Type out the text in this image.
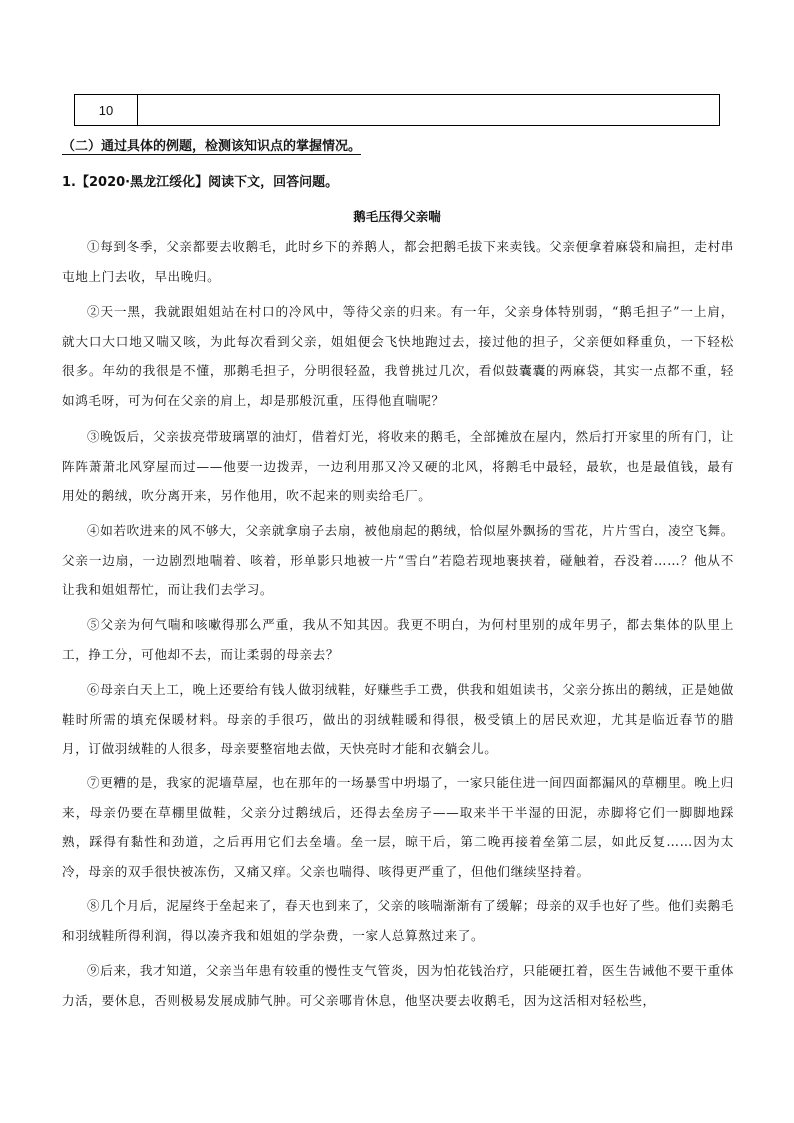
10
（二）通过具体的例题，检测该知识点的掌握情况。
1.【2020·黑龙江绥化】阅读下文，回答问题。
鹅毛压得父亲喘

①每到冬季，父亲都要去收鹅毛，此时乡下的养鹅人，都会把鹅毛拔下来卖钱。父亲便拿着麻袋和扁担，走村串屯地上门去收，早出晚归。

②天一黑，我就跟姐姐站在村口的冷风中，等待父亲的归来。有一年，父亲身体特别弱，“鹅毛担子”一上肩，就大口大口地又喘又咳，为此每次看到父亲，姐姐便会飞快地跑过去，接过他的担子，父亲便如释重负，一下轻松很多。年幼的我很是不懂，那鹅毛担子，分明很轻盈，我曾挑过几次，看似鼓囊囊的两麻袋，其实一点都不重，轻如鸿毛呀，可为何在父亲的肩上，却是那般沉重，压得他直喘呢？

③晚饭后，父亲拔亮带玻璃罩的油灯，借着灯光，将收来的鹅毛，全部摊放在屋内，然后打开家里的所有门，让阵阵萧萧北风穿屋而过——他要一边拨弄，一边利用那又冷又硬的北风，将鹅毛中最轻，最软，也是最值钱，最有用处的鹅绒，吹分离开来，另作他用，吹不起来的则卖给毛厂。

④如若吹进来的风不够大，父亲就拿扇子去扇，被他扇起的鹅绒，恰似屋外飘扬的雪花，片片雪白，凌空飞舞。父亲一边扇，一边剧烈地喘着、咳着，形单影只地被一片“雪白”若隐若现地裹挟着，碰触着，吞没着……？他从不让我和姐姐帮忙，而让我们去学习。

⑤父亲为何气喘和咳嗽得那么严重，我从不知其因。我更不明白，为何村里别的成年男子，都去集体的队里上工，挣工分，可他却不去，而让柔弱的母亲去？

⑥母亲白天上工，晚上还要给有钱人做羽绒鞋，好赚些手工费，供我和姐姐读书，父亲分拣出的鹅绒，正是她做鞋时所需的填充保暖材料。母亲的手很巧，做出的羽绒鞋暖和得很，极受镇上的居民欢迎，尤其是临近春节的腊月，订做羽绒鞋的人很多，母亲要整宿地去做，天快亮时才能和衣躺会儿。

⑦更糟的是，我家的泥墙草屋，也在那年的一场暴雪中坍塌了，一家只能住进一间四面都漏风的草棚里。晚上归来，母亲仍要在草棚里做鞋，父亲分过鹅绒后，还得去垒房子——取来半干半湿的田泥，赤脚将它们一脚脚地踩熟，踩得有黏性和劲道，之后再用它们去垒墙。垒一层，晾干后，第二晚再接着垒第二层，如此反复……因为太冷，母亲的双手很快被冻伤，又痛又痒。父亲也喘得、咳得更严重了，但他们继续坚持着。

⑧几个月后，泥屋终于垒起来了，春天也到来了，父亲的咳喘渐渐有了缓解；母亲的双手也好了些。他们卖鹅毛和羽绒鞋所得利润，得以凑齐我和姐姐的学杂费，一家人总算熬过来了。

⑨后来，我才知道，父亲当年患有较重的慢性支气管炎，因为怕花钱治疗，只能硬扛着，医生告诫他不要干重体力活，要休息，否则极易发展成肺气肿。可父亲哪肯休息，他坚决要去收鹅毛，因为这活相对轻松些，
